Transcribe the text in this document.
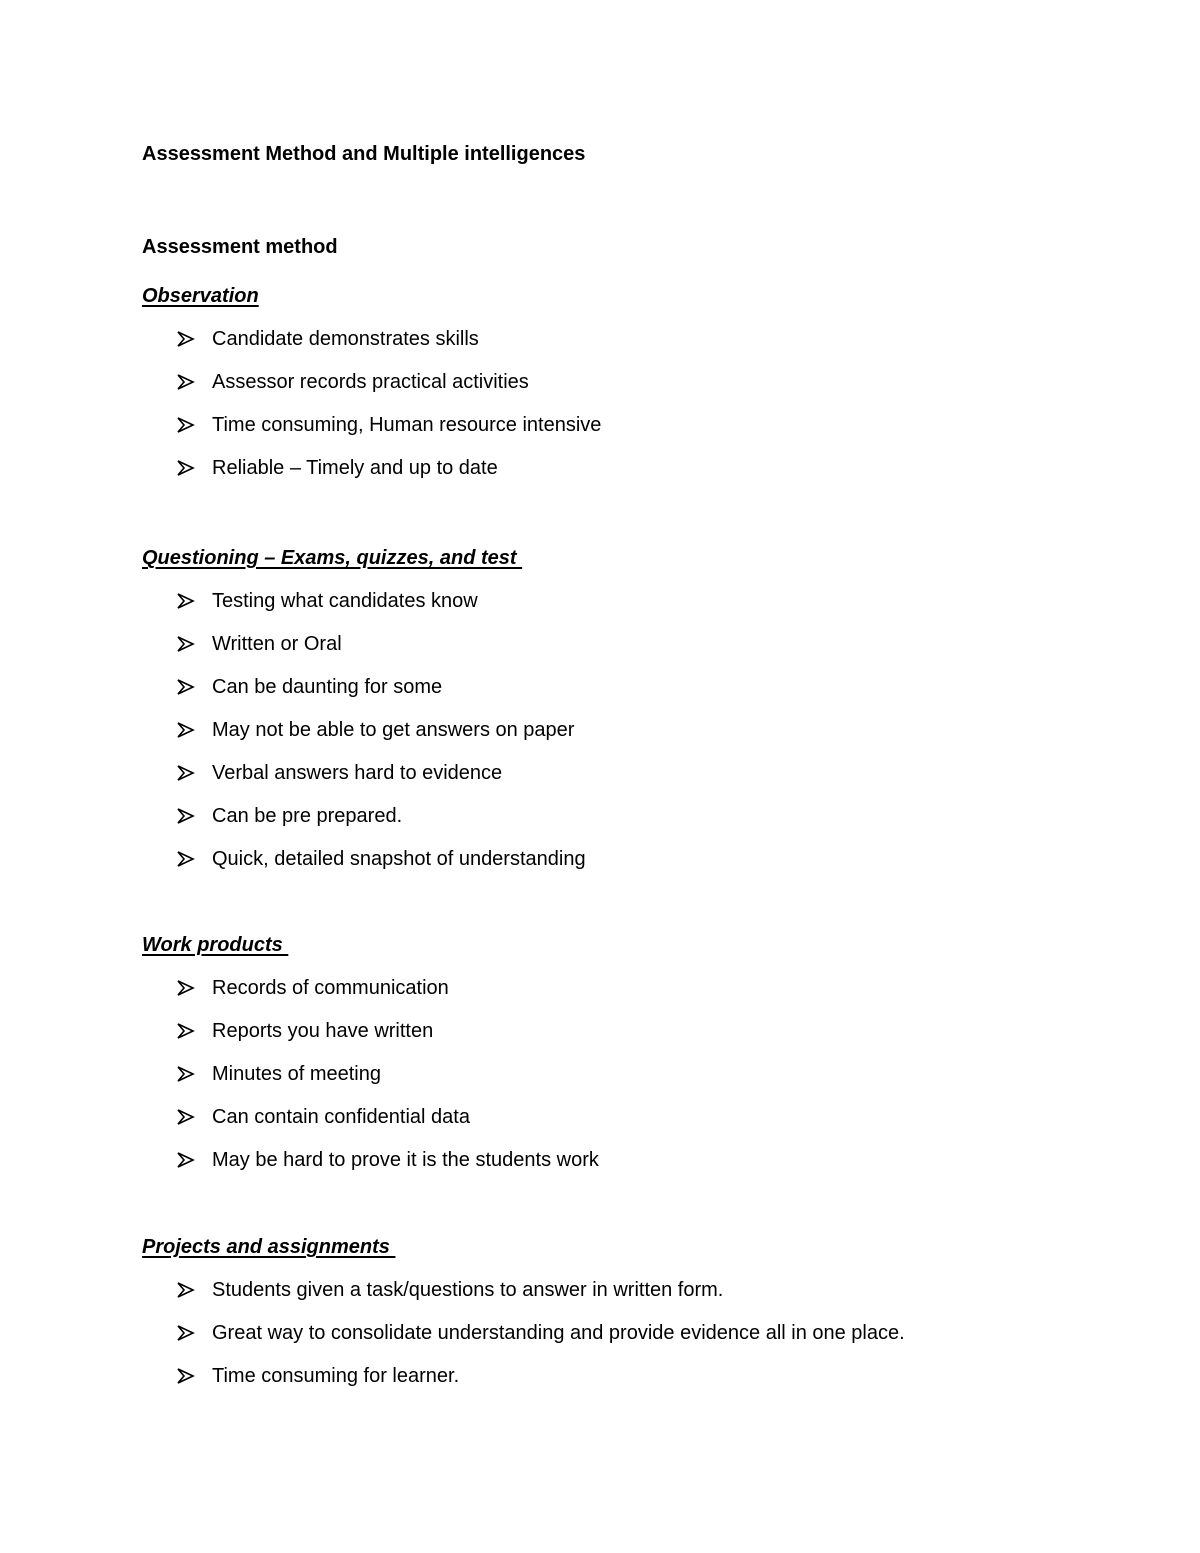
Assessment Method and Multiple intelligences
Assessment method
Observation
Candidate demonstrates skills
Assessor records practical activities
Time consuming, Human resource intensive
Reliable – Timely and up to date
Questioning – Exams, quizzes, and test
Testing what candidates know
Written or Oral
Can be daunting for some
May not be able to get answers on paper
Verbal answers hard to evidence
Can be pre prepared.
Quick, detailed snapshot of understanding
Work products
Records of communication
Reports you have written
Minutes of meeting
Can contain confidential data
May be hard to prove it is the students work
Projects and assignments
Students given a task/questions to answer in written form.
Great way to consolidate understanding and provide evidence all in one place.
Time consuming for learner.
